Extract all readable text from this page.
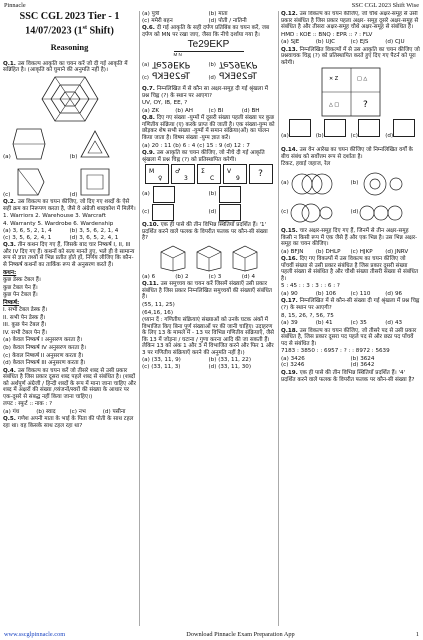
Pinnacle	SSC CGL 2023 Shift Wise
SSC CGL 2023 Tier - 1
14/07/2023 (1st Shift)
Reasoning

Q.1. उस विकल्प आकृति का चयन करें जो दी गई आकृति में सन्निहित है। (आकृति को घुमाने की अनुमति नहीं है)।

(a)	(b)
(c)	(d)

Q.2. उस विकल्प का चयन कीजिए, जो दिए गए शब्दों के ऐसे सही क्रम का निरूपण करता है, जैसे वे अंग्रेजी शब्दकोश में मिलेंगे।

1. Warriors 2. Warehouse 3. Warcraft

4. Warranty 5. Wardrobe 6. Wardenship

(a) 3, 6, 5, 2, 1, 4	(b) 3, 5, 6, 2, 1, 4
(c) 3, 5, 6, 2, 4, 1	(d) 3, 6, 5, 2, 4, 1

Q.3. तीन कथन दिए गए हैं, जिसके बाद चार निष्कर्ष I, II, III और IV दिए गए हैं। कथनों को सत्य मानते हुए, भले ही वे सामान्य रूप से ज्ञात तथ्यों से भिन्न प्रतीत होते हों, निर्णय लीजिए कि कौन-से निष्कर्ष कथनों का तार्किक रूप से अनुसरण करते हैं।

कथन:

कुछ डेस्क टेबल हैं।

कुछ टेबल पेन हैं।

कुछ पेन टेबल हैं।

निष्कर्ष:

I. सभी टेबल डेस्क हैं।

II. सभी पेन डेस्क हैं।

III. कुछ पेन टेबल हैं।

IV. सभी टेबल पेन हैं।

(a) केवल निष्कर्ष I अनुसरण करता है।

(b) केवल निष्कर्ष IV अनुसरण करता है।

(c) केवल निष्कर्ष II अनुसरण करता है।

(d) केवल निष्कर्ष III अनुसरण करता है।

Q.4. उस विकल्प का चयन करें जो तीसरे शब्द से उसी प्रकार संबंधित है जिस प्रकार दूसरा शब्द पहले शब्द से संबंधित है। (शब्दों को अर्थपूर्ण अंग्रेजी / हिन्दी शब्दों के रूप में माना जाना चाहिए और शब्द में अक्षरों की संख्या /व्यंजनों/स्वरों की संख्या के आधार पर एक-दूसरे से संबद्ध नहीं किया जाना चाहिए।)

लपट : स्फुर्ट :: नाक : ?

(a) गंध	(b) स्वाद	(c) नभ	(d) पसीना

Q.5. गणेश अपनी माता के भाई के पिता की पोती के साथ टहल रहा था। वह किसके साथ टहल रहा था?

(a) पुत्री	(b) माता
(c) ममेरी बहन	(d) पोती / नातिनी

Q.6. दी गई आकृति के सही दर्पण प्रतिबिंब का चयन करें, जब दर्पण को MN पर रखा जाए, जैसा कि नीचे दर्शाया गया है।

Te29EKP
M N
(a) Te29EKP	(b) Te29EKP
(c) Te29EKP	(d) Te29EKP

Q.7. निम्नलिखित में से कौन सा अक्षर-समूह दी गई श्रृंखला में प्रश्न चिह्न (?) के स्थान पर आएगा?

UV, OY, IB, EE, ?

(a) ZK	(b) AH	(c) BI	(d) BH

Q.8. दिए गए संख्या -युग्मों में दूसरी संख्या पहली संख्या पर कुछ गणितीय संक्रिया (ए) करके प्राप्त की जाती है। एक संख्या-युग्म को छोड़कर शेष सभी संख्या -युग्मों में समान संक्रिया(ओं) का पालन किया जाता है। विषम संख्या -युग्म ज्ञात करें।

(a) 20 : 11 (b) 6 : 4 (c) 15 : 9 (d) 12 : 7

Q.9. उस आकृति का चयन कीजिए, जो नीचे दी गई आकृति श्रृंखला में प्रश्न चिह्न (?) को प्रतिस्थापित करेगी।

M
♀
♂
3
Σ
C
V
9	?
(a)	(b)
(c)	(d)

Q.10. एक ही पासे की तीन विभिन्न स्थितियाँ प्रदर्शित हैं। '1' प्रदर्शित करने वाले फलक के विपरीत फलक पर कौन-सी संख्या है?

(a) 6	(b) 2	(c) 3	(d) 4

Q.11. उस समुच्चय का चयन करें जिसमें संख्याएँ उसी प्रकार संबंधित है जिस प्रकार निम्नलिखित समुच्चयों की संख्याएँ संबंधित हैं।

(55, 11, 25)

(64,16, 16)

(ध्यान दें : गणितीय संक्रियाएं संख्याओं को उनके घटक अंकों में विभाजित किए बिना पूर्ण संख्याओं पर की जानी चाहिए। उदाहरण के लिए 13 के मामले में - 13 पर विभिन्न गणितीय संक्रियाएँ, जैसे कि 13 में जोड़ना / घटाना / गुणा करना आदि की जा सकती हैं। लेकिन 13 को अंक 1 और 3 में विभाजित करने और फिर 1 और 3 पर गणितीय संक्रियाएँ करने की अनुमति नहीं है।)

(a) (33, 11, 9)	(b) (33, 11, 22)
(c) (33, 11, 3)	(d) (33, 11, 30)

Q.12. उस विकल्प का चयन कीजिए, जो चौथे अक्षर-समूह से उसी प्रकार संबंधित है जिस प्रकार पहला अक्षर- समूह दूसरे अक्षर-समूह से संबंधित है और तीसरा अक्षर-समूह चौथे अक्षर-समूह से संबंधित है।

HMD : KOE :: BNQ : EPR :: ? : FLV

(a) SJE	(b) UJC	(c) EJS	(d) CJU

Q.13. निम्नलिखित विकल्पों में से उस आकृति का चयन कीजिए जो प्रश्नवाचक चिह्न (?) को प्रतिस्थापित करते हुए दिए गए पैटर्न को पूरा करेगी।

✕ Z	□ △
△ □	?
(a)	(b)	(c)	(d)

Q.14. उस वेन आरेख का चयन कीजिए जो निम्नलिखित वर्गों के बीच संबंध को सर्वोत्तम रूप से दर्शाता है।

टिकट, हवाई जहाज, रेल

(a)	(b)
(c)	(d)

Q.15. चार अक्षर-समूह दिए गए हैं, जिनमें से तीन अक्षर-समूह किसी न किसी रूप में एक जैसे हैं और एक भिन्न है। उस भिन्न अक्षर- समूह का चयन कीजिए।

(a) BFJN	(b) DHLP	(c) HJKP	(d) JNRV

Q.16. दिए गए विकल्पों में उस विकल्प का चयन कीजिए जो पाँचवीं संख्या से उसी प्रकार संबंधित है जिस प्रकार दूसरी संख्या पहली संख्या से संबंधित है और चौथी संख्या तीसरी संख्या से संबंधित है।

5 : 45 : : 3 : 3 : : 6 : ?

(a) 90	(b) 106	(c) 110	(d) 96

Q.17. निम्नलिखित में से कौन-सी संख्या दी गई श्रृंखला में प्रश्न चिह्न (?) के स्थान पर आएगी?

8, 15, 26, ?, 56, 75

(a) 39	(b) 41	(c) 35	(d) 43

Q.18. उस विकल्प का चयन कीजिए, जो तीसरे पद से उसी प्रकार संबंधित है, जिस प्रकार दूसरा पद पहले पद से और छठा पद पाँचवें पद से संबंधित है।

7183 : 3850 : : 6957 : ? : : 8972 : 5639

(a) 3426	(b) 3624
(c) 3246	(d) 3642

Q.19. एक ही पासे की तीन विभिन्न स्थितियाँ प्रदर्शित हैं। '4' प्रदर्शित करने वाले फलक के विपरीत फलक पर कौन-सी संख्या है?

www.sscglpinnacle.com	Download Pinnacle Exam Preparation App	1
